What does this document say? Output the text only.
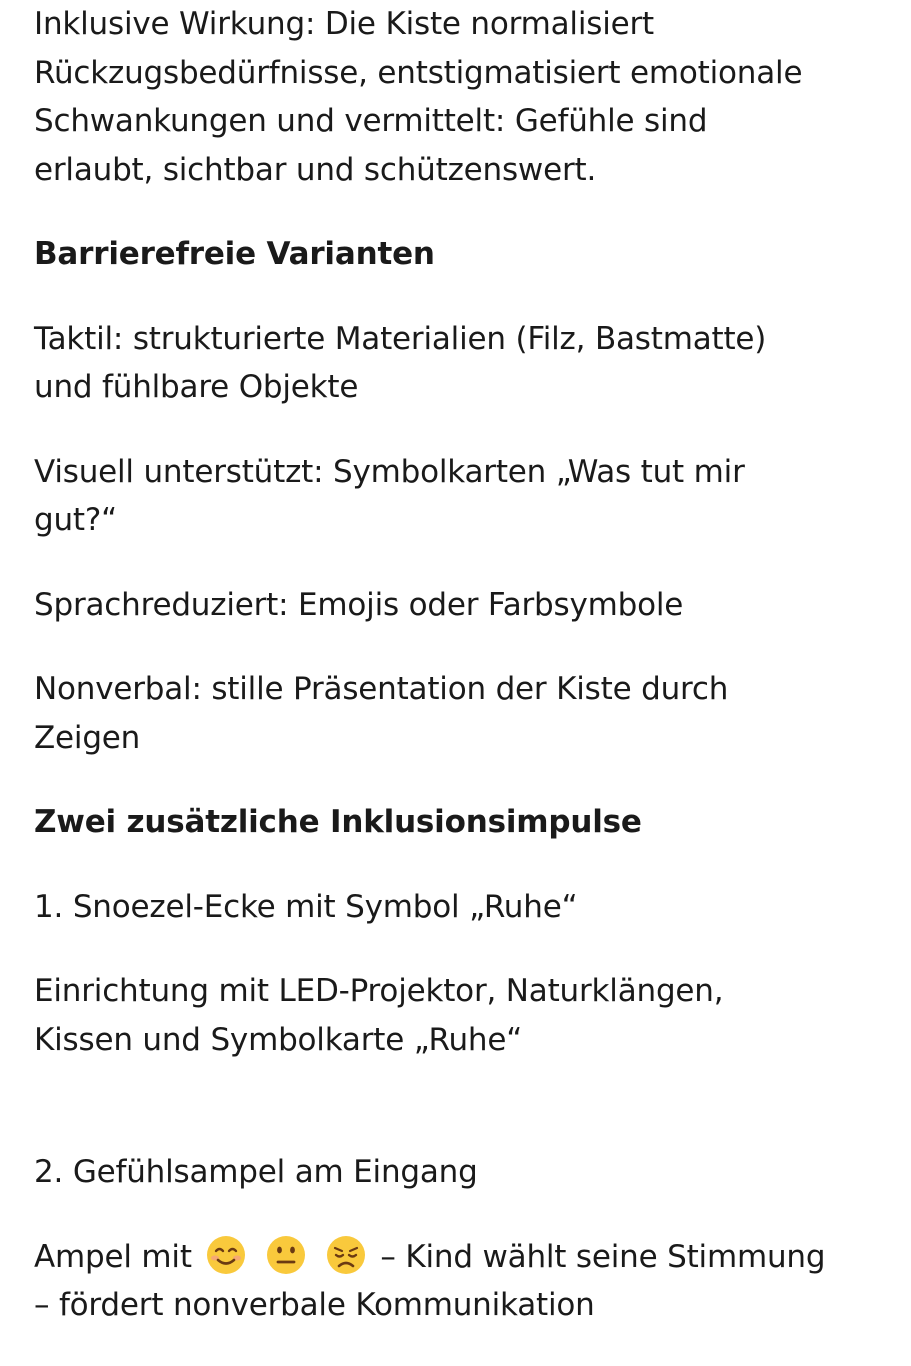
Inklusive Wirkung: Die Kiste normalisiert
Rückzugsbedürfnisse, entstigmatisiert emotionale
Schwankungen und vermittelt: Gefühle sind
erlaubt, sichtbar und schützenswert.
Barrierefreie Varianten
Taktil: strukturierte Materialien (Filz, Bastmatte)
und fühlbare Objekte
Visuell unterstützt: Symbolkarten „Was tut mir
gut?“
Sprachreduziert: Emojis oder Farbsymbole
Nonverbal: stille Präsentation der Kiste durch
Zeigen
Zwei zusätzliche Inklusionsimpulse
1. Snoezel-Ecke mit Symbol „Ruhe“
Einrichtung mit LED-Projektor, Naturklängen,
Kissen und Symbolkarte „Ruhe“
2. Gefühlsampel am Eingang
Ampel mit

	– Kind wählt seine Stimmung
– fördert nonverbale Kommunikation
